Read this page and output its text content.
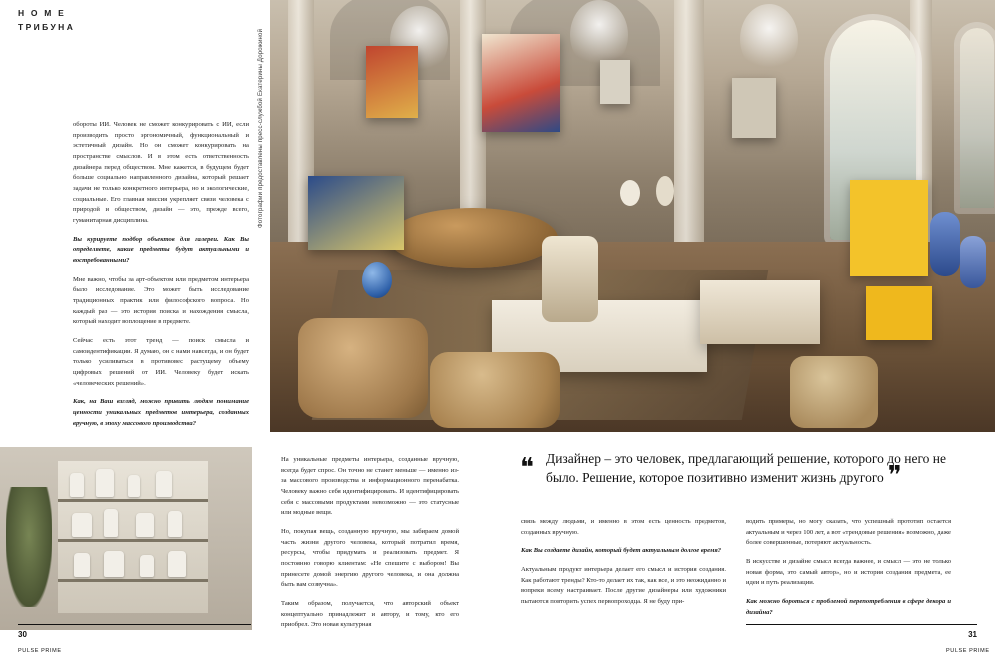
H O M E
ТРИБУНА
Фотографии предоставлены пресс-службой Екатерины Дорожиной

обороты ИИ. Человек не сможет конкурировать с ИИ, если производить просто эргономичный, функциональный и эстетичный дизайн. Но он сможет конкурировать на пространстве смыслов. И в этом есть ответственность дизайнера перед обществом. Мне кажется, в будущем будет больше социально направленного дизайна, который решает задачи не только конкретного интерьера, но и экологические, социальные. Его главная миссия укрепляет связи человека с природой и обществом, дизайн — это, прежде всего, гуманитарная дисциплина.

Вы курируете подбор объектов для галереи. Как Вы определяете, какие предметы будут актуальными и востребованными?

Мне важно, чтобы за арт-объектом или предметом интерьера было исследование. Это может быть исследование традиционных практик или философского вопроса. Но каждый раз — это история поиска и нахождения смысла, который находит воплощение в предмете.

Сейчас есть этот тренд — поиск смысла и самоидентификации. Я думаю, он с нами навсегда, и он будет только усиливаться в противовес растущему объему цифровых решений от ИИ. Человеку будет искать «человеческих решений».

Как, на Ваш взгляд, можно привить людям понимание ценности уникальных предметов интерьера, созданных вручную, в эпоху массового производства?

На уникальные предметы интерьера, созданные вручную, всегда будет спрос. Он точно не станет меньше — именно из-за массового производства и информационного перенабатка. Человеку важно себя идентифицировать. И идентифицировать себя с массовыми продуктами невозможно — это статусные или модные вещи.

Но, покупая вещь, созданную вручную, мы забираем домой часть жизни другого человека, который потратил время, ресурсы, чтобы придумать и реализовать предмет. Я постоянно говорю клиентам: «Не спешите с выбором! Вы принесете домой энергию другого человека, и она должна быть вам созвучна».

Таким образом, получается, что авторский объект концептуально принадлежит и автору, и тому, кто его приобрел. Это новая культурная

❝ Дизайнер – это человек, предлагающий решение, которого до него не было. Решение, которое позитивно изменит жизнь другого ❞

связь между людьми, и именно в этом есть ценность предметов, созданных вручную.

Как Вы создаете дизайн, который будет актуальным долгое время?

Актуальным продукт интерьера делает его смысл и история создания. Как работают тренды? Кто-то делает их так, как все, и это неожиданно и вопреки всему настраивает. После другие дизайнеры или художники пытаются повторить успех первопроходца. Я не буду при-

водить примеры, но могу сказать, что успешный прототип остается актуальным и через 100 лет, а вот «трендовые решения» возможно, даже более совершенные, потеряют актуальность.

В искусстве и дизайне смысл всегда важнее, и смысл — это не только новая форма, это самый автор», но и история создания предмета, ее идеи и путь реализации.

Как можно бороться с проблемой перепотребления в сфере декора и дизайна?

30	31
PULSE PRIME
PULSE PRIME
